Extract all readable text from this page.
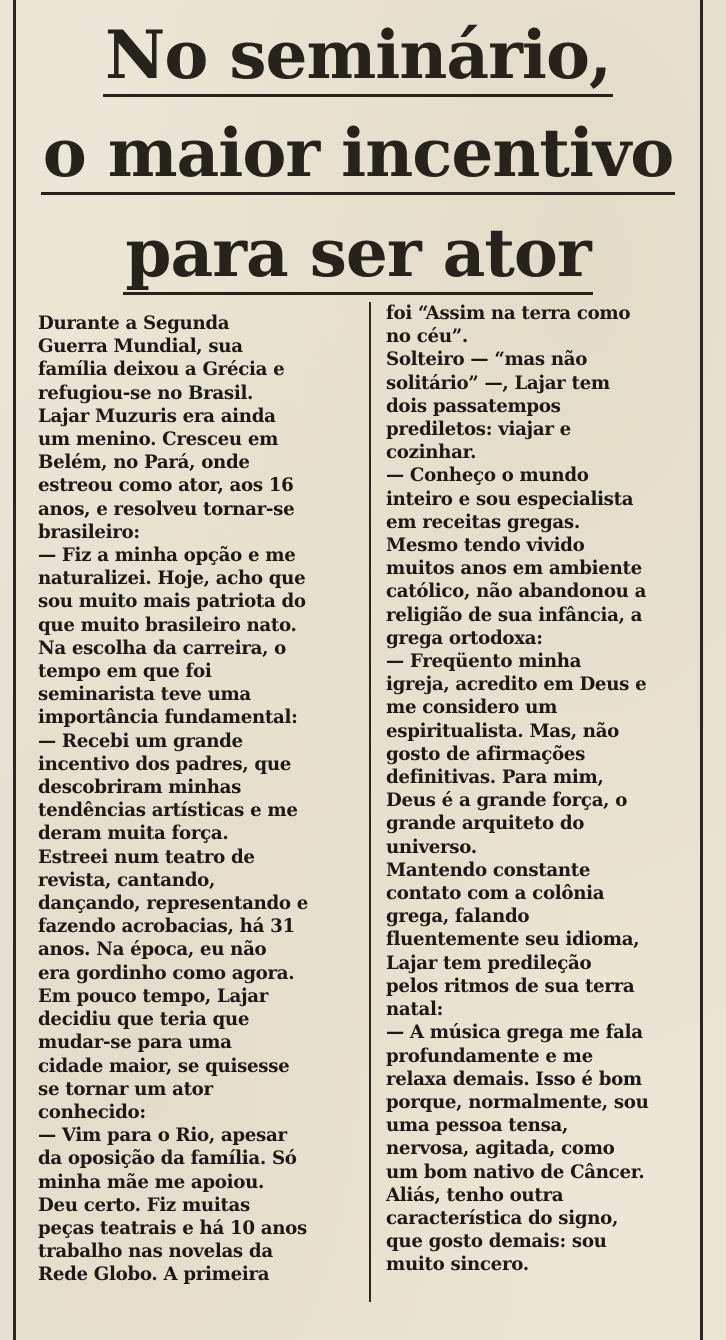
No seminário,
o maior incentivo
para ser ator
Durante a Segunda
Guerra Mundial, sua
família deixou a Grécia e
refugiou-se no Brasil.
Lajar Muzuris era ainda
um menino. Cresceu em
Belém, no Pará, onde
estreou como ator, aos 16
anos, e resolveu tornar-se
brasileiro:
— Fiz a minha opção e me
naturalizei. Hoje, acho que
sou muito mais patriota do
que muito brasileiro nato.
Na escolha da carreira, o
tempo em que foi
seminarista teve uma
importância fundamental:
— Recebi um grande
incentivo dos padres, que
descobriram minhas
tendências artísticas e me
deram muita força.
Estreei num teatro de
revista, cantando,
dançando, representando e
fazendo acrobacias, há 31
anos. Na época, eu não
era gordinho como agora.
Em pouco tempo, Lajar
decidiu que teria que
mudar-se para uma
cidade maior, se quisesse
se tornar um ator
conhecido:
— Vim para o Rio, apesar
da oposição da família. Só
minha mãe me apoiou.
Deu certo. Fiz muitas
peças teatrais e há 10 anos
trabalho nas novelas da
Rede Globo. A primeira
foi “Assim na terra como
no céu”.
Solteiro — “mas não
solitário” —, Lajar tem
dois passatempos
prediletos: viajar e
cozinhar.
— Conheço o mundo
inteiro e sou especialista
em receitas gregas.
Mesmo tendo vivido
muitos anos em ambiente
católico, não abandonou a
religião de sua infância, a
grega ortodoxa:
— Freqüento minha
igreja, acredito em Deus e
me considero um
espiritualista. Mas, não
gosto de afirmações
definitivas. Para mim,
Deus é a grande força, o
grande arquiteto do
universo.
Mantendo constante
contato com a colônia
grega, falando
fluentemente seu idioma,
Lajar tem predileção
pelos ritmos de sua terra
natal:
— A música grega me fala
profundamente e me
relaxa demais. Isso é bom
porque, normalmente, sou
uma pessoa tensa,
nervosa, agitada, como
um bom nativo de Câncer.
Aliás, tenho outra
característica do signo,
que gosto demais: sou
muito sincero.
